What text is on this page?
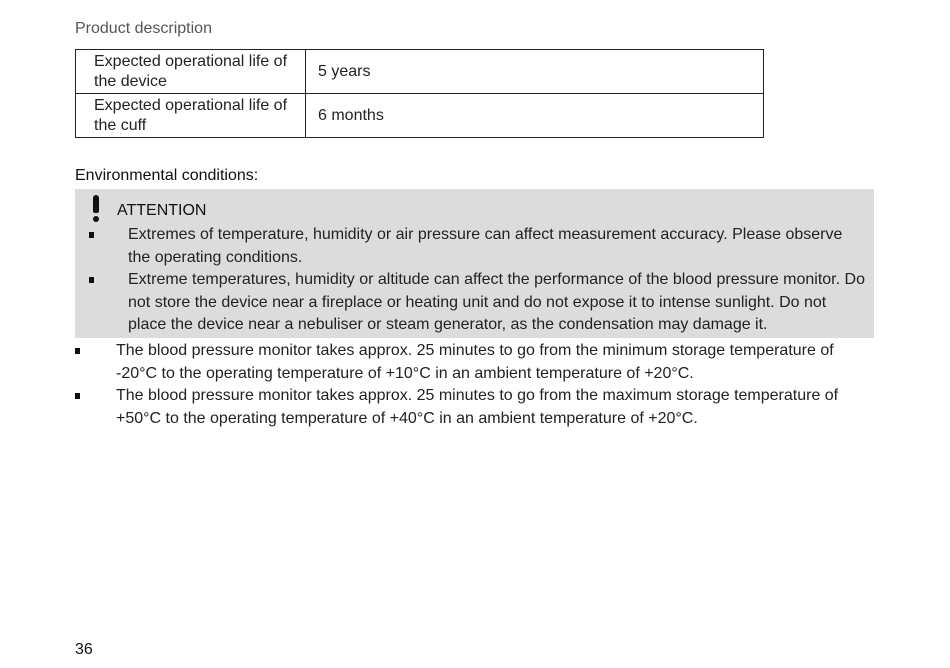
Product description
Expected operational life of the device	5 years
Expected operational life of the cuff	6 months
Environmental conditions:
ATTENTION
Extremes of temperature, humidity or air pressure can affect measurement accuracy. Please observe the operating conditions.
Extreme temperatures, humidity or altitude can affect the performance of the blood pressure monitor. Do not store the device near a fireplace or heating unit and do not expose it to intense sunlight. Do not place the device near a nebuliser or steam generator, as the condensation may damage it.
The blood pressure monitor takes approx. 25 minutes to go from the minimum storage temperature of -20°C to the operating temperature of +10°C in an ambient temperature of +20°C.
The blood pressure monitor takes approx. 25 minutes to go from the maximum storage temperature of +50°C to the operating temperature of +40°C in an ambient temperature of +20°C.
36
